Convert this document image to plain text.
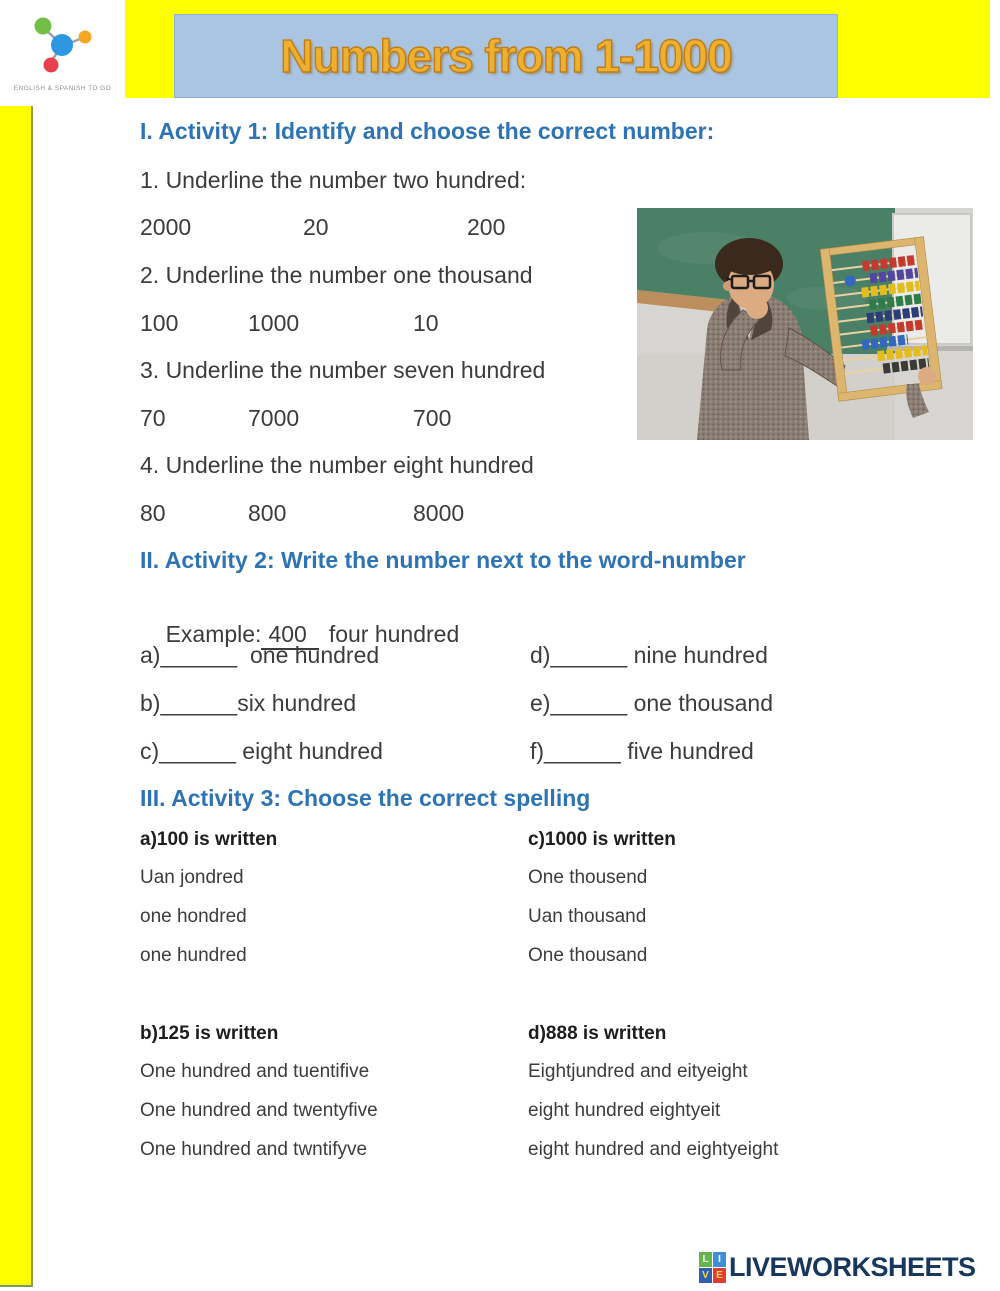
ENGLISH & SPANISH TO GO
Numbers from 1-1000
I. Activity 1: Identify and choose the correct number:
1. Underline the number two hundred:
2000	20	200
2. Underline the number one thousand
100	1000	10
3. Underline the number seven hundred
70	7000	700
4. Underline the number eight hundred
80	800	8000
II. Activity 2: Write the number next to the word-number

Example: 400 four hundred

a)______  one hundred	d)______ nine hundred
b)______six hundred	e)______ one thousand
c)______ eight hundred	f)______ five hundred
III. Activity 3: Choose the correct spelling
a)100 is written
Uan jondred
one hondred
one hundred
c)1000 is written
One thousend
Uan thousand
One thousand
b)125 is written
One hundred and tuentifive
One hundred and twentyfive
One hundred and twntifyve
d)888 is written
Eightjundred and eityeight
eight hundred eightyeit
eight hundred and eightyeight
L I
V E LIVEWORKSHEETS
